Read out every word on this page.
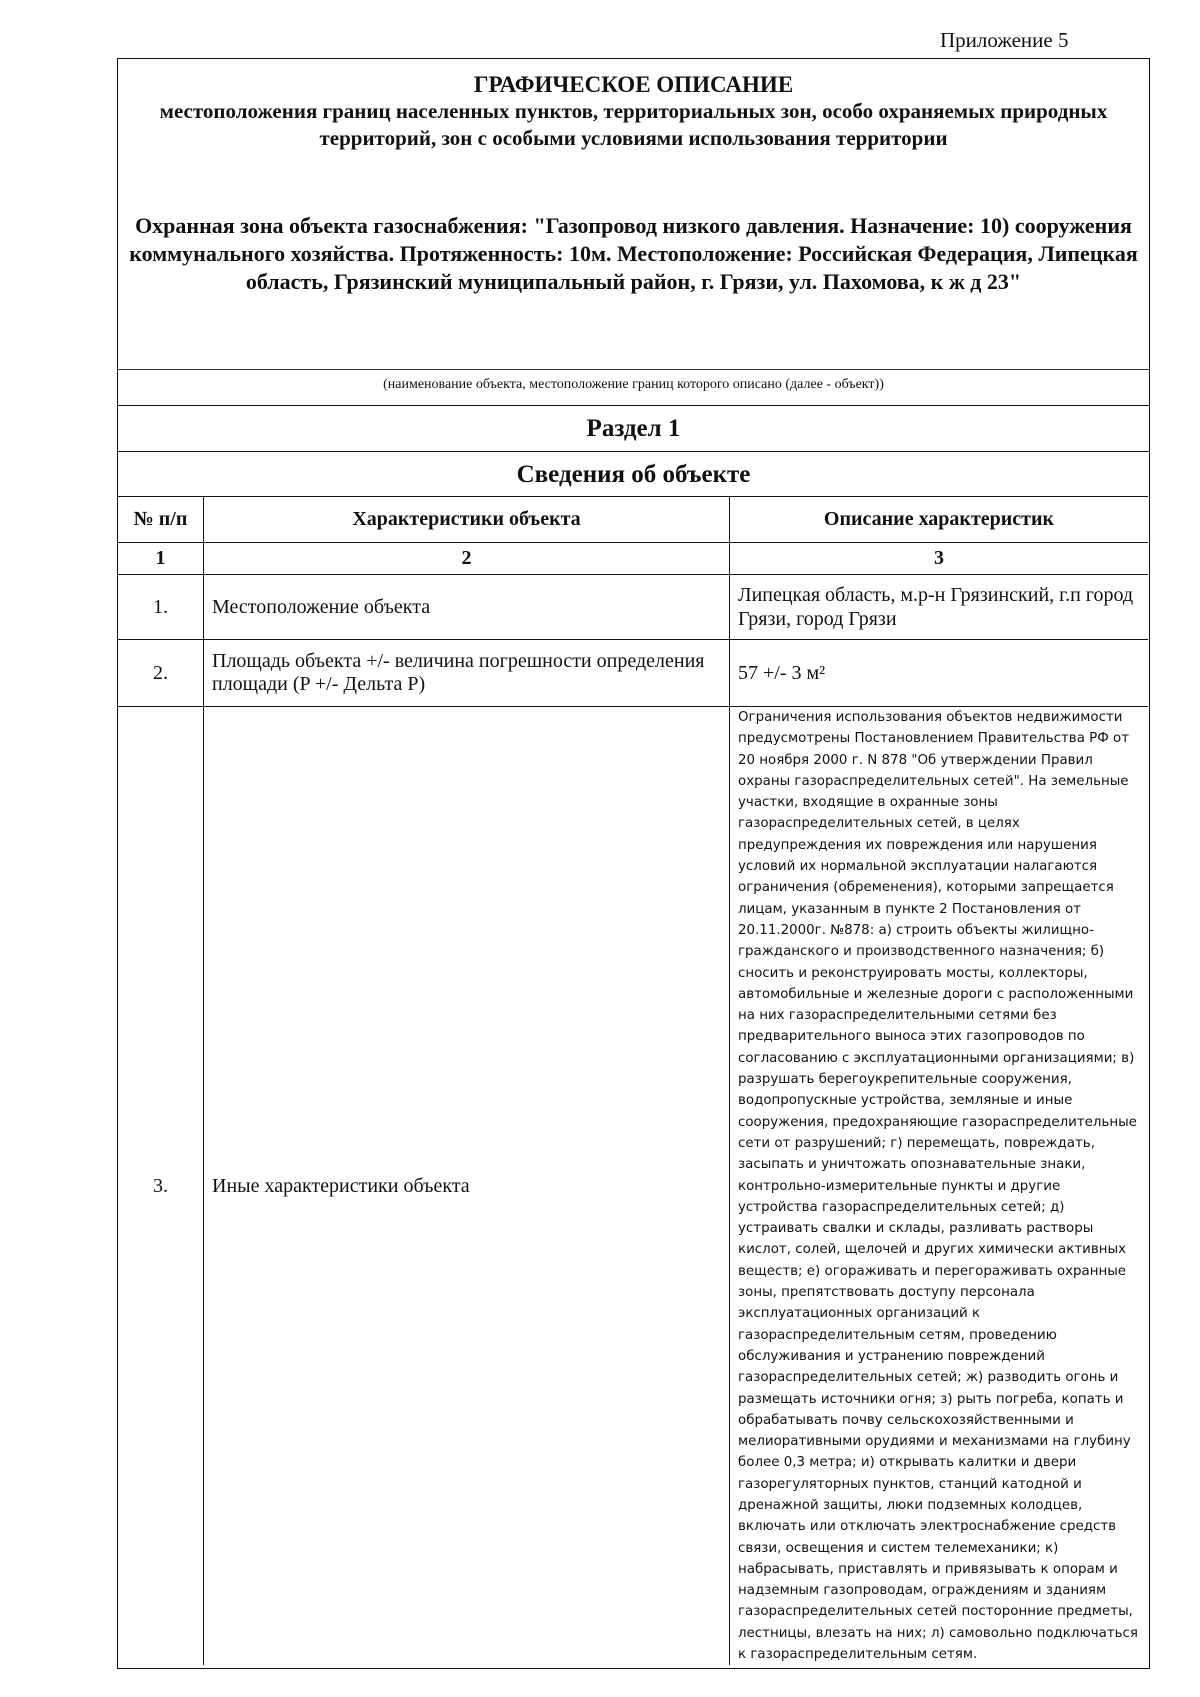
Приложение 5
ГРАФИЧЕСКОЕ ОПИСАНИЕ
местоположения границ населенных пунктов, территориальных зон, особо охраняемых природных территорий, зон с особыми условиями использования территории
Охранная зона объекта газоснабжения: "Газопровод низкого давления. Назначение: 10) сооружения коммунального хозяйства. Протяженность: 10м. Местоположение: Российская Федерация, Липецкая область, Грязинский муниципальный район, г. Грязи, ул. Пахомова, к ж д 23"
(наименование объекта, местоположение границ которого описано (далее - объект))
Раздел 1
Сведения об объекте
№ п/п	Характеристики объекта	Описание характеристик
1	2	3
1.	Местоположение объекта	Липецкая область, м.р-н Грязинский, г.п город Грязи, город Грязи
2.	Площадь объекта +/- величина погрешности определения площади (P +/- Дельта P)	57 +/- 3 м²
3.	Иные характеристики объекта	Ограничения использования объектов недвижимости предусмотрены Постановлением Правительства РФ от 20 ноября 2000 г. N 878 "Об утверждении Правил охраны газораспределительных сетей". На земельные участки, входящие в охранные зоны газораспределительных сетей, в целях предупреждения их повреждения или нарушения условий их нормальной эксплуатации налагаются ограничения (обременения), которыми запрещается лицам, указанным в пункте 2 Постановления от 20.11.2000г. №878: а) строить объекты жилищно-гражданского и производственного назначения; б) сносить и реконструировать мосты, коллекторы, автомобильные и железные дороги с расположенными на них газораспределительными сетями без предварительного выноса этих газопроводов по согласованию с эксплуатационными организациями; в) разрушать берегоукрепительные сооружения, водопропускные устройства, земляные и иные сооружения, предохраняющие газораспределительные сети от разрушений; г) перемещать, повреждать, засыпать и уничтожать опознавательные знаки, контрольно-измерительные пункты и другие устройства газораспределительных сетей; д) устраивать свалки и склады, разливать растворы кислот, солей, щелочей и других химически активных веществ; е) огораживать и перегораживать охранные зоны, препятствовать доступу персонала эксплуатационных организаций к газораспределительным сетям, проведению обслуживания и устранению повреждений газораспределительных сетей; ж) разводить огонь и размещать источники огня; з) рыть погреба, копать и обрабатывать почву сельскохозяйственными и мелиоративными орудиями и механизмами на глубину более 0,3 метра; и) открывать калитки и двери газорегуляторных пунктов, станций катодной и дренажной защиты, люки подземных колодцев, включать или отключать электроснабжение средств связи, освещения и систем телемеханики; к) набрасывать, приставлять и привязывать к опорам и надземным газопроводам, ограждениям и зданиям газораспределительных сетей посторонние предметы, лестницы, влезать на них; л) самовольно подключаться к газораспределительным сетям.
